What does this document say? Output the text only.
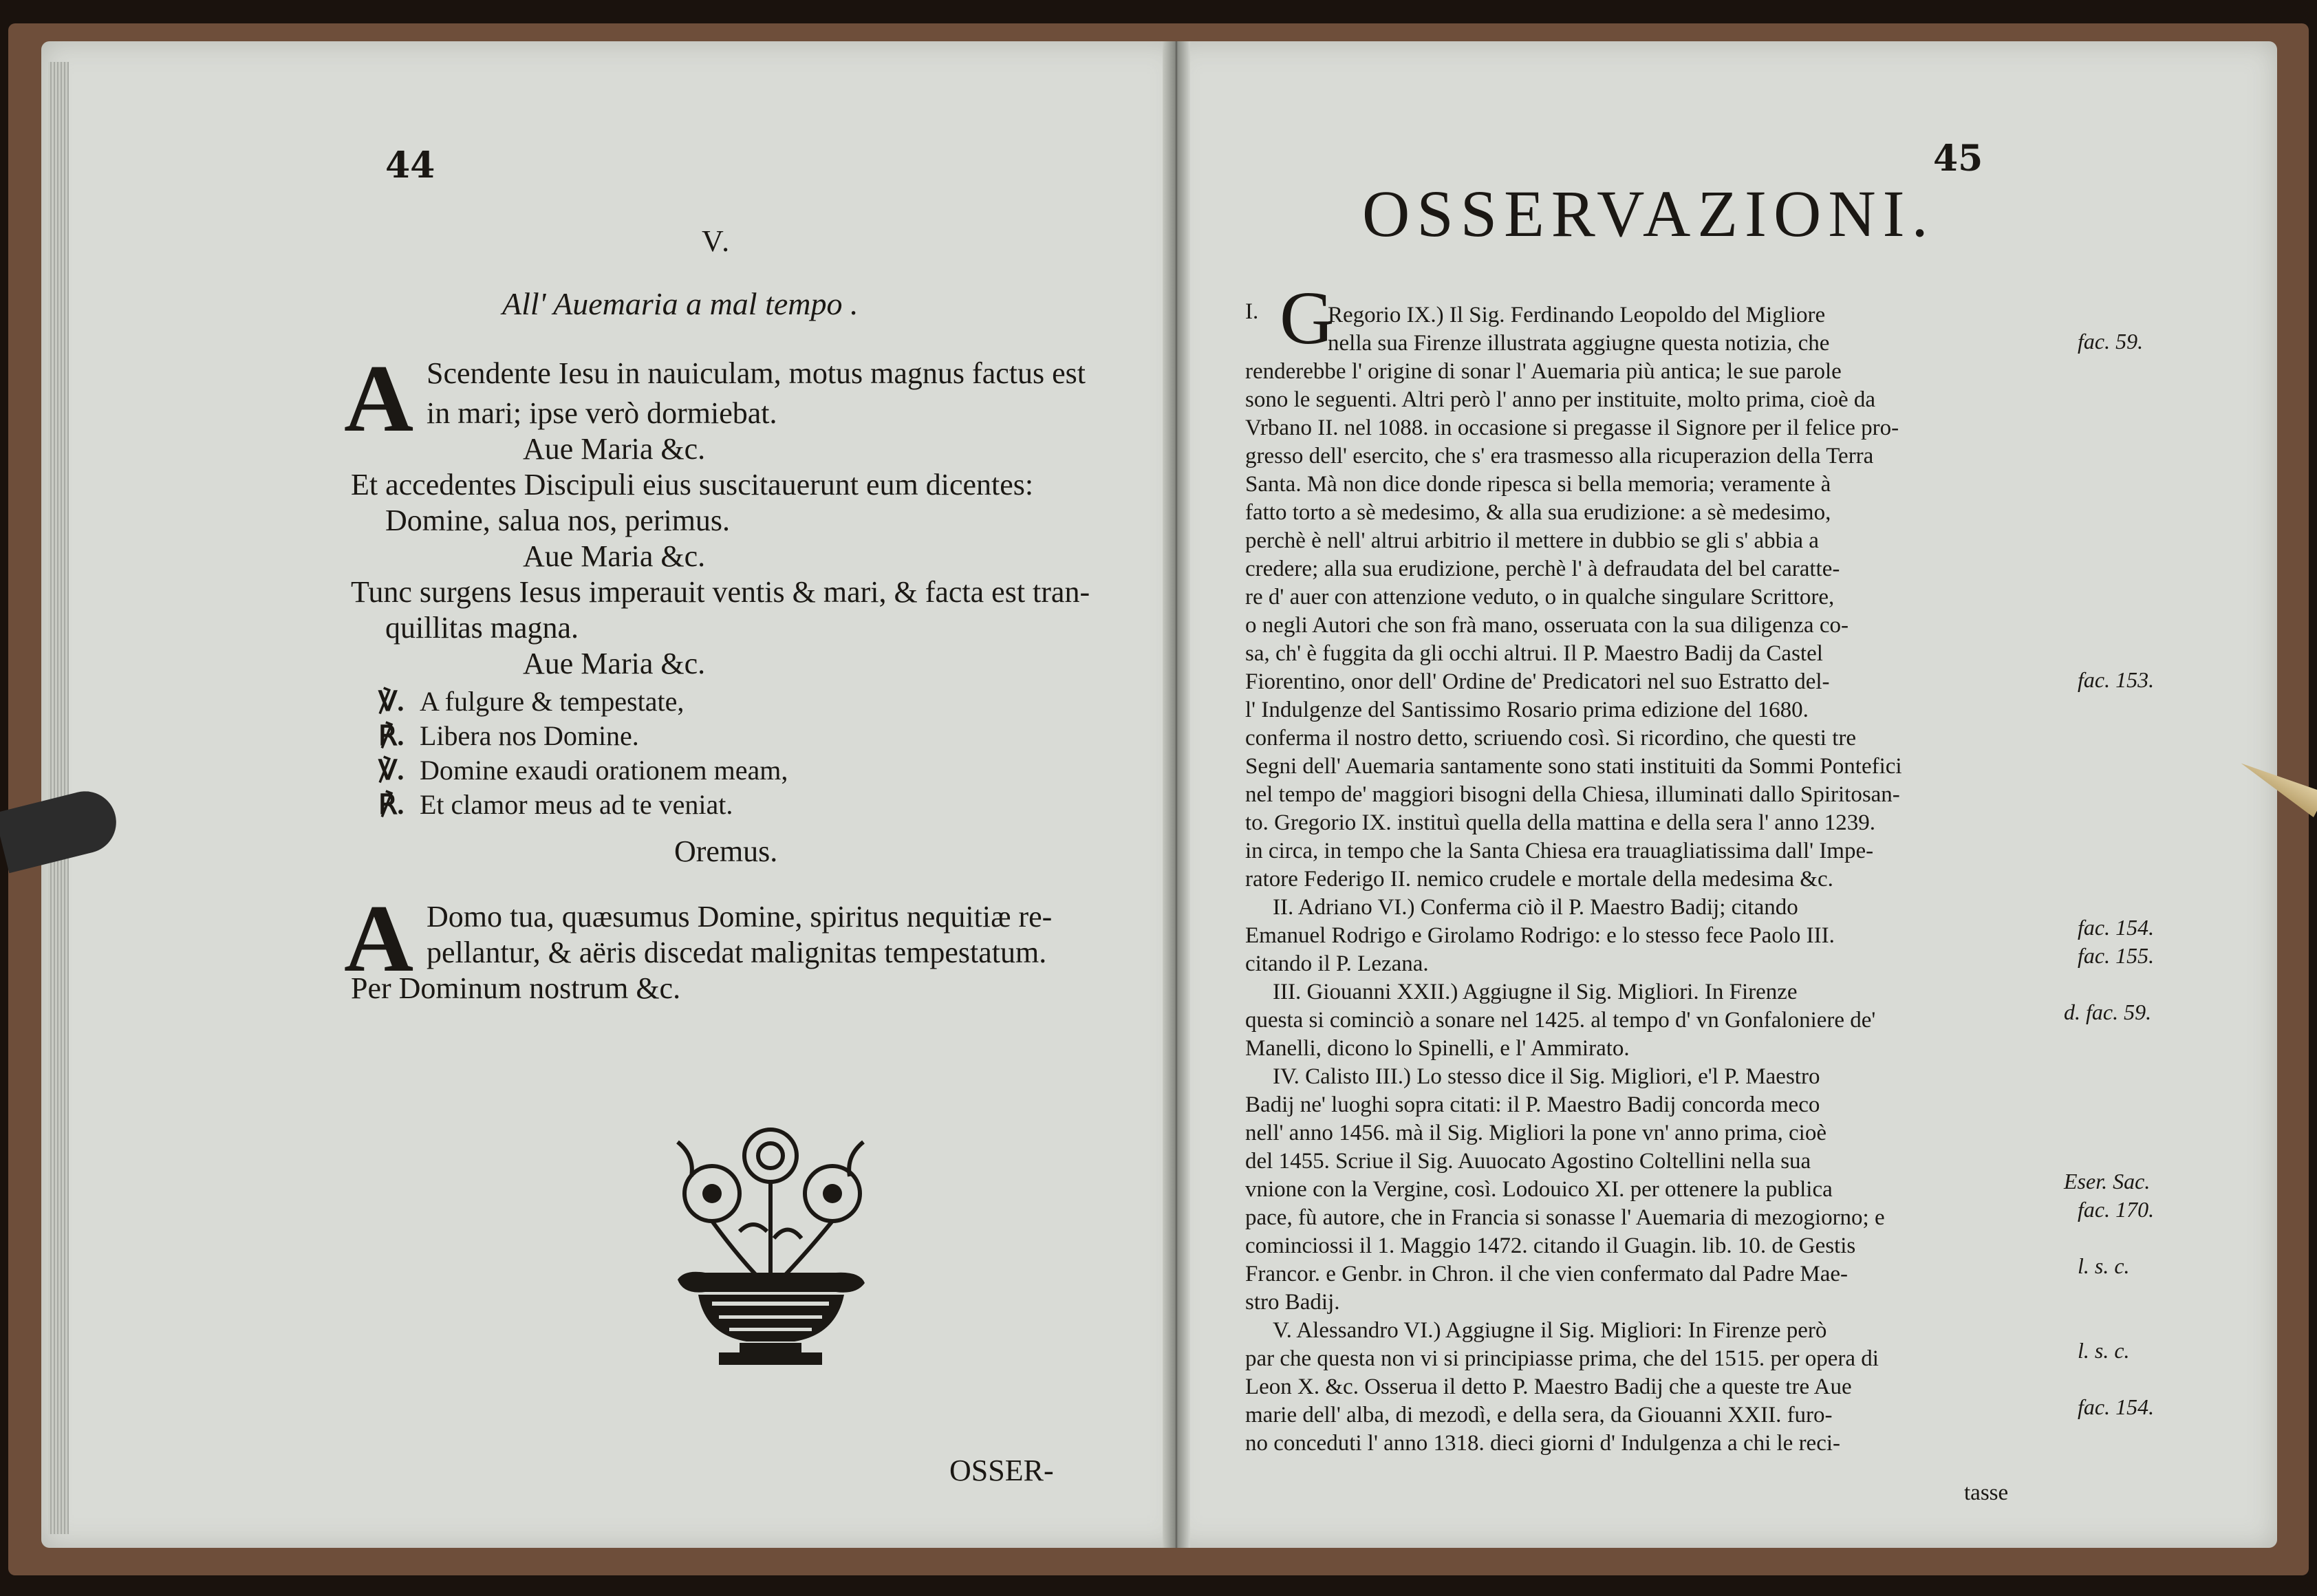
44
V.
All' Auemaria a mal tempo .
A Scendente Iesu in nauiculam, motus magnus factus est
in mari; ipse verò dormiebat.
Aue Maria &c.
Et accedentes Discipuli eius suscitauerunt eum dicentes:
Domine, salua nos, perimus.
Aue Maria &c.
Tunc surgens Iesus imperauit ventis & mari, & facta est tran-
quillitas magna.
Aue Maria &c.
℣. A fulgure & tempestate,
℟. Libera nos Domine.
℣. Domine exaudi orationem meam,
℟. Et clamor meus ad te veniat.
Oremus.
A Domo tua, quæsumus Domine, spiritus nequitiæ re-
pellantur, & aëris discedat malignitas tempestatum.
Per Dominum nostrum &c.
OSSER-
45
OSSERVAZIONI.
Regorio IX.) Il Sig. Ferdinando Leopoldo del Migliore
nella sua Firenze illustrata aggiugne questa notizia, che
renderebbe l' origine di sonar l' Auemaria più antica; le sue parole
sono le seguenti. Altri però l' anno per instituite, molto prima, cioè da
Vrbano II. nel 1088. in occasione si pregasse il Signore per il felice pro-
gresso dell' esercito, che s' era trasmesso alla ricuperazion della Terra
Santa. Mà non dice donde ripesca si bella memoria; veramente à
fatto torto a sè medesimo, & alla sua erudizione: a sè medesimo,
perchè è nell' altrui arbitrio il mettere in dubbio se gli s' abbia a
credere; alla sua erudizione, perchè l' à defraudata del bel caratte-
re d' auer con attenzione veduto, o in qualche singulare Scrittore,
o negli Autori che son frà mano, osseruata con la sua diligenza co-
sa, ch' è fuggita da gli occhi altrui. Il P. Maestro Badij da Castel
Fiorentino, onor dell' Ordine de' Predicatori nel suo Estratto del-
l' Indulgenze del Santissimo Rosario prima edizione del 1680.
conferma il nostro detto, scriuendo così. Si ricordino, che questi tre
Segni dell' Auemaria santamente sono stati instituiti da Sommi Pontefici
nel tempo de' maggiori bisogni della Chiesa, illuminati dallo Spiritosan-
to. Gregorio IX. instituì quella della mattina e della sera l' anno 1239.
in circa, in tempo che la Santa Chiesa era trauagliatissima dall' Impe-
ratore Federigo II. nemico crudele e mortale della medesima &c.
II. Adriano VI.) Conferma ciò il P. Maestro Badij; citando
Emanuel Rodrigo e Girolamo Rodrigo: e lo stesso fece Paolo III.
citando il P. Lezana.
III. Giouanni XXII.) Aggiugne il Sig. Migliori. In Firenze
questa si cominciò a sonare nel 1425. al tempo d' vn Gonfaloniere de'
Manelli, dicono lo Spinelli, e l' Ammirato.
IV. Calisto III.) Lo stesso dice il Sig. Migliori, e'l P. Maestro
Badij ne' luoghi sopra citati: il P. Maestro Badij concorda meco
nell' anno 1456. mà il Sig. Migliori la pone vn' anno prima, cioè
del 1455. Scriue il Sig. Auuocato Agostino Coltellini nella sua
vnione con la Vergine, così. Lodouico XI. per ottenere la publica
pace, fù autore, che in Francia si sonasse l' Auemaria di mezogiorno; e
cominciossi il 1. Maggio 1472. citando il Guagin. lib. 10. de Gestis
Francor. e Genbr. in Chron. il che vien confermato dal Padre Mae-
stro Badij.
V. Alessandro VI.) Aggiugne il Sig. Migliori: In Firenze però
par che questa non vi si principiasse prima, che del 1515. per opera di
Leon X. &c. Osserua il detto P. Maestro Badij che a queste tre Aue
marie dell' alba, di mezodì, e della sera, da Giouanni XXII. furo-
no conceduti l' anno 1318. dieci giorni d' Indulgenza a chi le reci-
I. G
tasse
fac. 59.
fac. 153.
fac. 154.
fac. 155.
d. fac. 59.
Eser. Sac.
fac. 170.
l. s. c.
l. s. c.
fac. 154.
